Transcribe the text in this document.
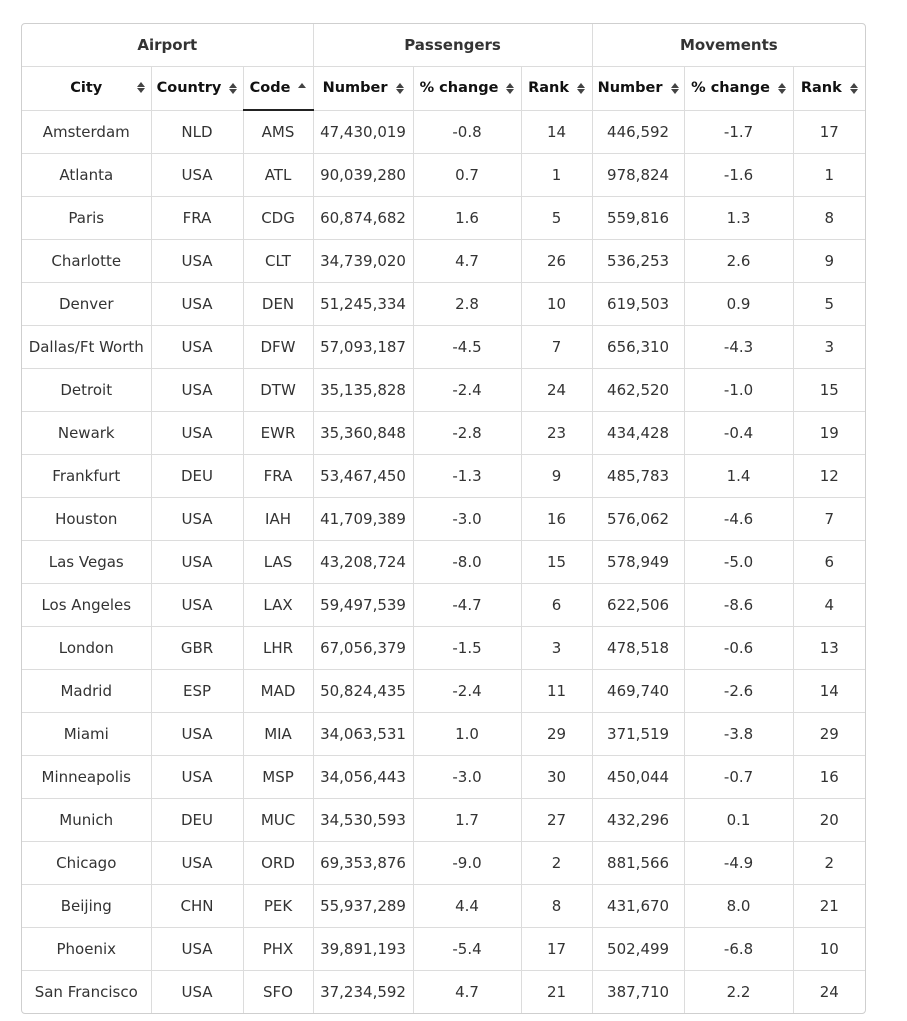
Airport			Passengers			Movements		

City	Country	Code	Number	% change	Rank	Number	% change	Rank

Amsterdam	NLD	AMS	47,430,019	-0.8	14	446,592	-1.7	17
Atlanta	USA	ATL	90,039,280	0.7	1	978,824	-1.6	1
Paris	FRA	CDG	60,874,682	1.6	5	559,816	1.3	8
Charlotte	USA	CLT	34,739,020	4.7	26	536,253	2.6	9
Denver	USA	DEN	51,245,334	2.8	10	619,503	0.9	5
Dallas/Ft Worth	USA	DFW	57,093,187	-4.5	7	656,310	-4.3	3
Detroit	USA	DTW	35,135,828	-2.4	24	462,520	-1.0	15
Newark	USA	EWR	35,360,848	-2.8	23	434,428	-0.4	19
Frankfurt	DEU	FRA	53,467,450	-1.3	9	485,783	1.4	12
Houston	USA	IAH	41,709,389	-3.0	16	576,062	-4.6	7
Las Vegas	USA	LAS	43,208,724	-8.0	15	578,949	-5.0	6
Los Angeles	USA	LAX	59,497,539	-4.7	6	622,506	-8.6	4
London	GBR	LHR	67,056,379	-1.5	3	478,518	-0.6	13
Madrid	ESP	MAD	50,824,435	-2.4	11	469,740	-2.6	14
Miami	USA	MIA	34,063,531	1.0	29	371,519	-3.8	29
Minneapolis	USA	MSP	34,056,443	-3.0	30	450,044	-0.7	16
Munich	DEU	MUC	34,530,593	1.7	27	432,296	0.1	20
Chicago	USA	ORD	69,353,876	-9.0	2	881,566	-4.9	2
Beijing	CHN	PEK	55,937,289	4.4	8	431,670	8.0	21
Phoenix	USA	PHX	39,891,193	-5.4	17	502,499	-6.8	10
San Francisco	USA	SFO	37,234,592	4.7	21	387,710	2.2	24
